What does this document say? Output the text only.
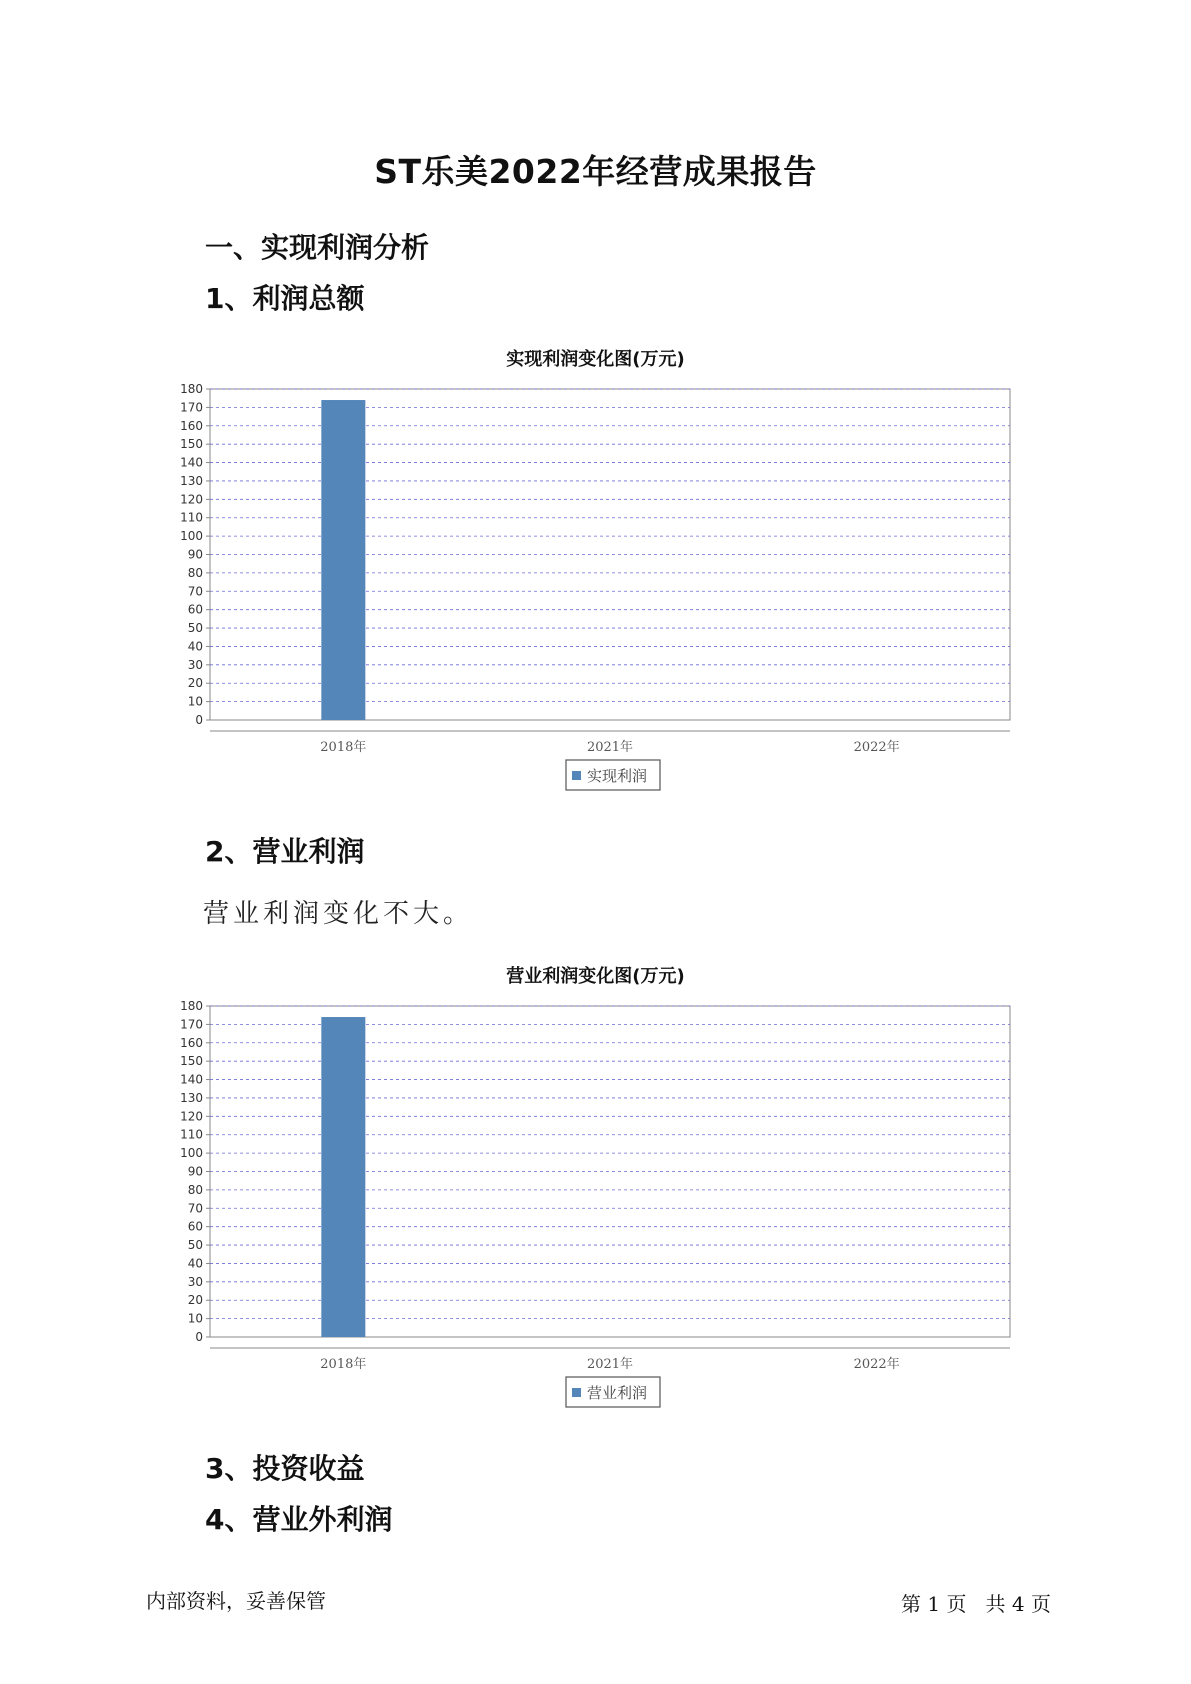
ST乐美2022年经营成果报告
一、实现利润分析
1、利润总额

实现利润变化图(万元)

0
10
20
30
40
50
60
70
80
90
100
110
120
130
140
150
160
170
180
2018年	2021年	2022年
实现利润
2、营业利润

营业利润变化不大。

营业利润变化图(万元)

0
10
20
30
40
50
60
70
80
90
100
110
120
130
140
150
160
170
180
2018年	2021年	2022年
营业利润
3、投资收益
4、营业外利润
内部资料，妥善保管	第 1 页   共 4 页
